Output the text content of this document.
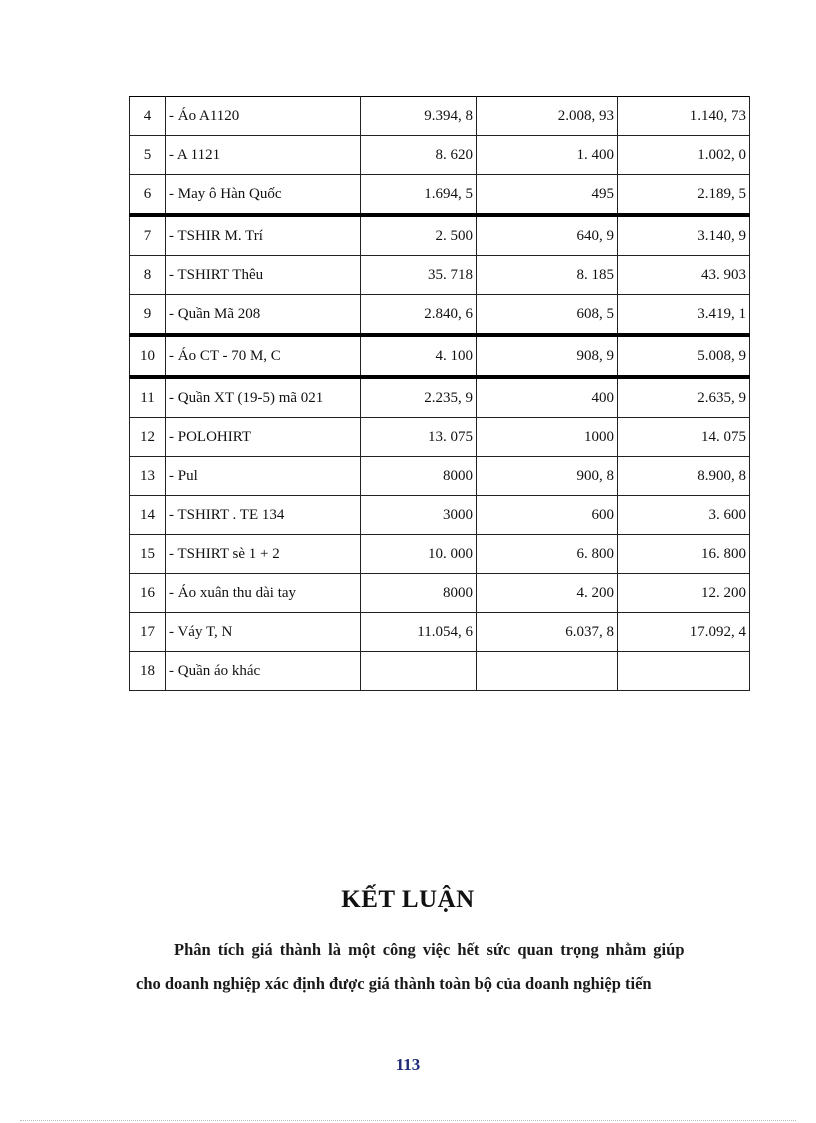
4	- Áo A1120	9.394, 8	2.008, 93	1.140, 73
5	- A 1121	8. 620	1. 400	1.002, 0
6	- May ô Hàn Quốc	1.694, 5	495	2.189, 5
7	- TSHIR M. Trí	2. 500	640, 9	3.140, 9
8	- TSHIRT Thêu	35. 718	8. 185	43. 903
9	- Quần Mã 208	2.840, 6	608, 5	3.419, 1
10	- Áo CT - 70 M, C	4. 100	908, 9	5.008, 9
11	- Quần XT (19-5) mã 021	2.235, 9	400	2.635, 9
12	- POLOHIRT	13. 075	1000	14. 075
13	- Pul	8000	900, 8	8.900, 8
14	- TSHIRT . TE 134	3000	600	3. 600
15	- TSHIRT sè 1 + 2	10. 000	6. 800	16. 800
16	- Áo xuân thu dài tay	8000	4. 200	12. 200
17	- Váy T, N	11.054, 6	6.037, 8	17.092, 4
18	- Quần áo khác			
KẾT LUẬN

Phân tích giá thành là một công việc hết sức quan trọng nhằm giúp

cho doanh nghiệp xác định được giá thành toàn bộ của doanh nghiệp tiến

113
